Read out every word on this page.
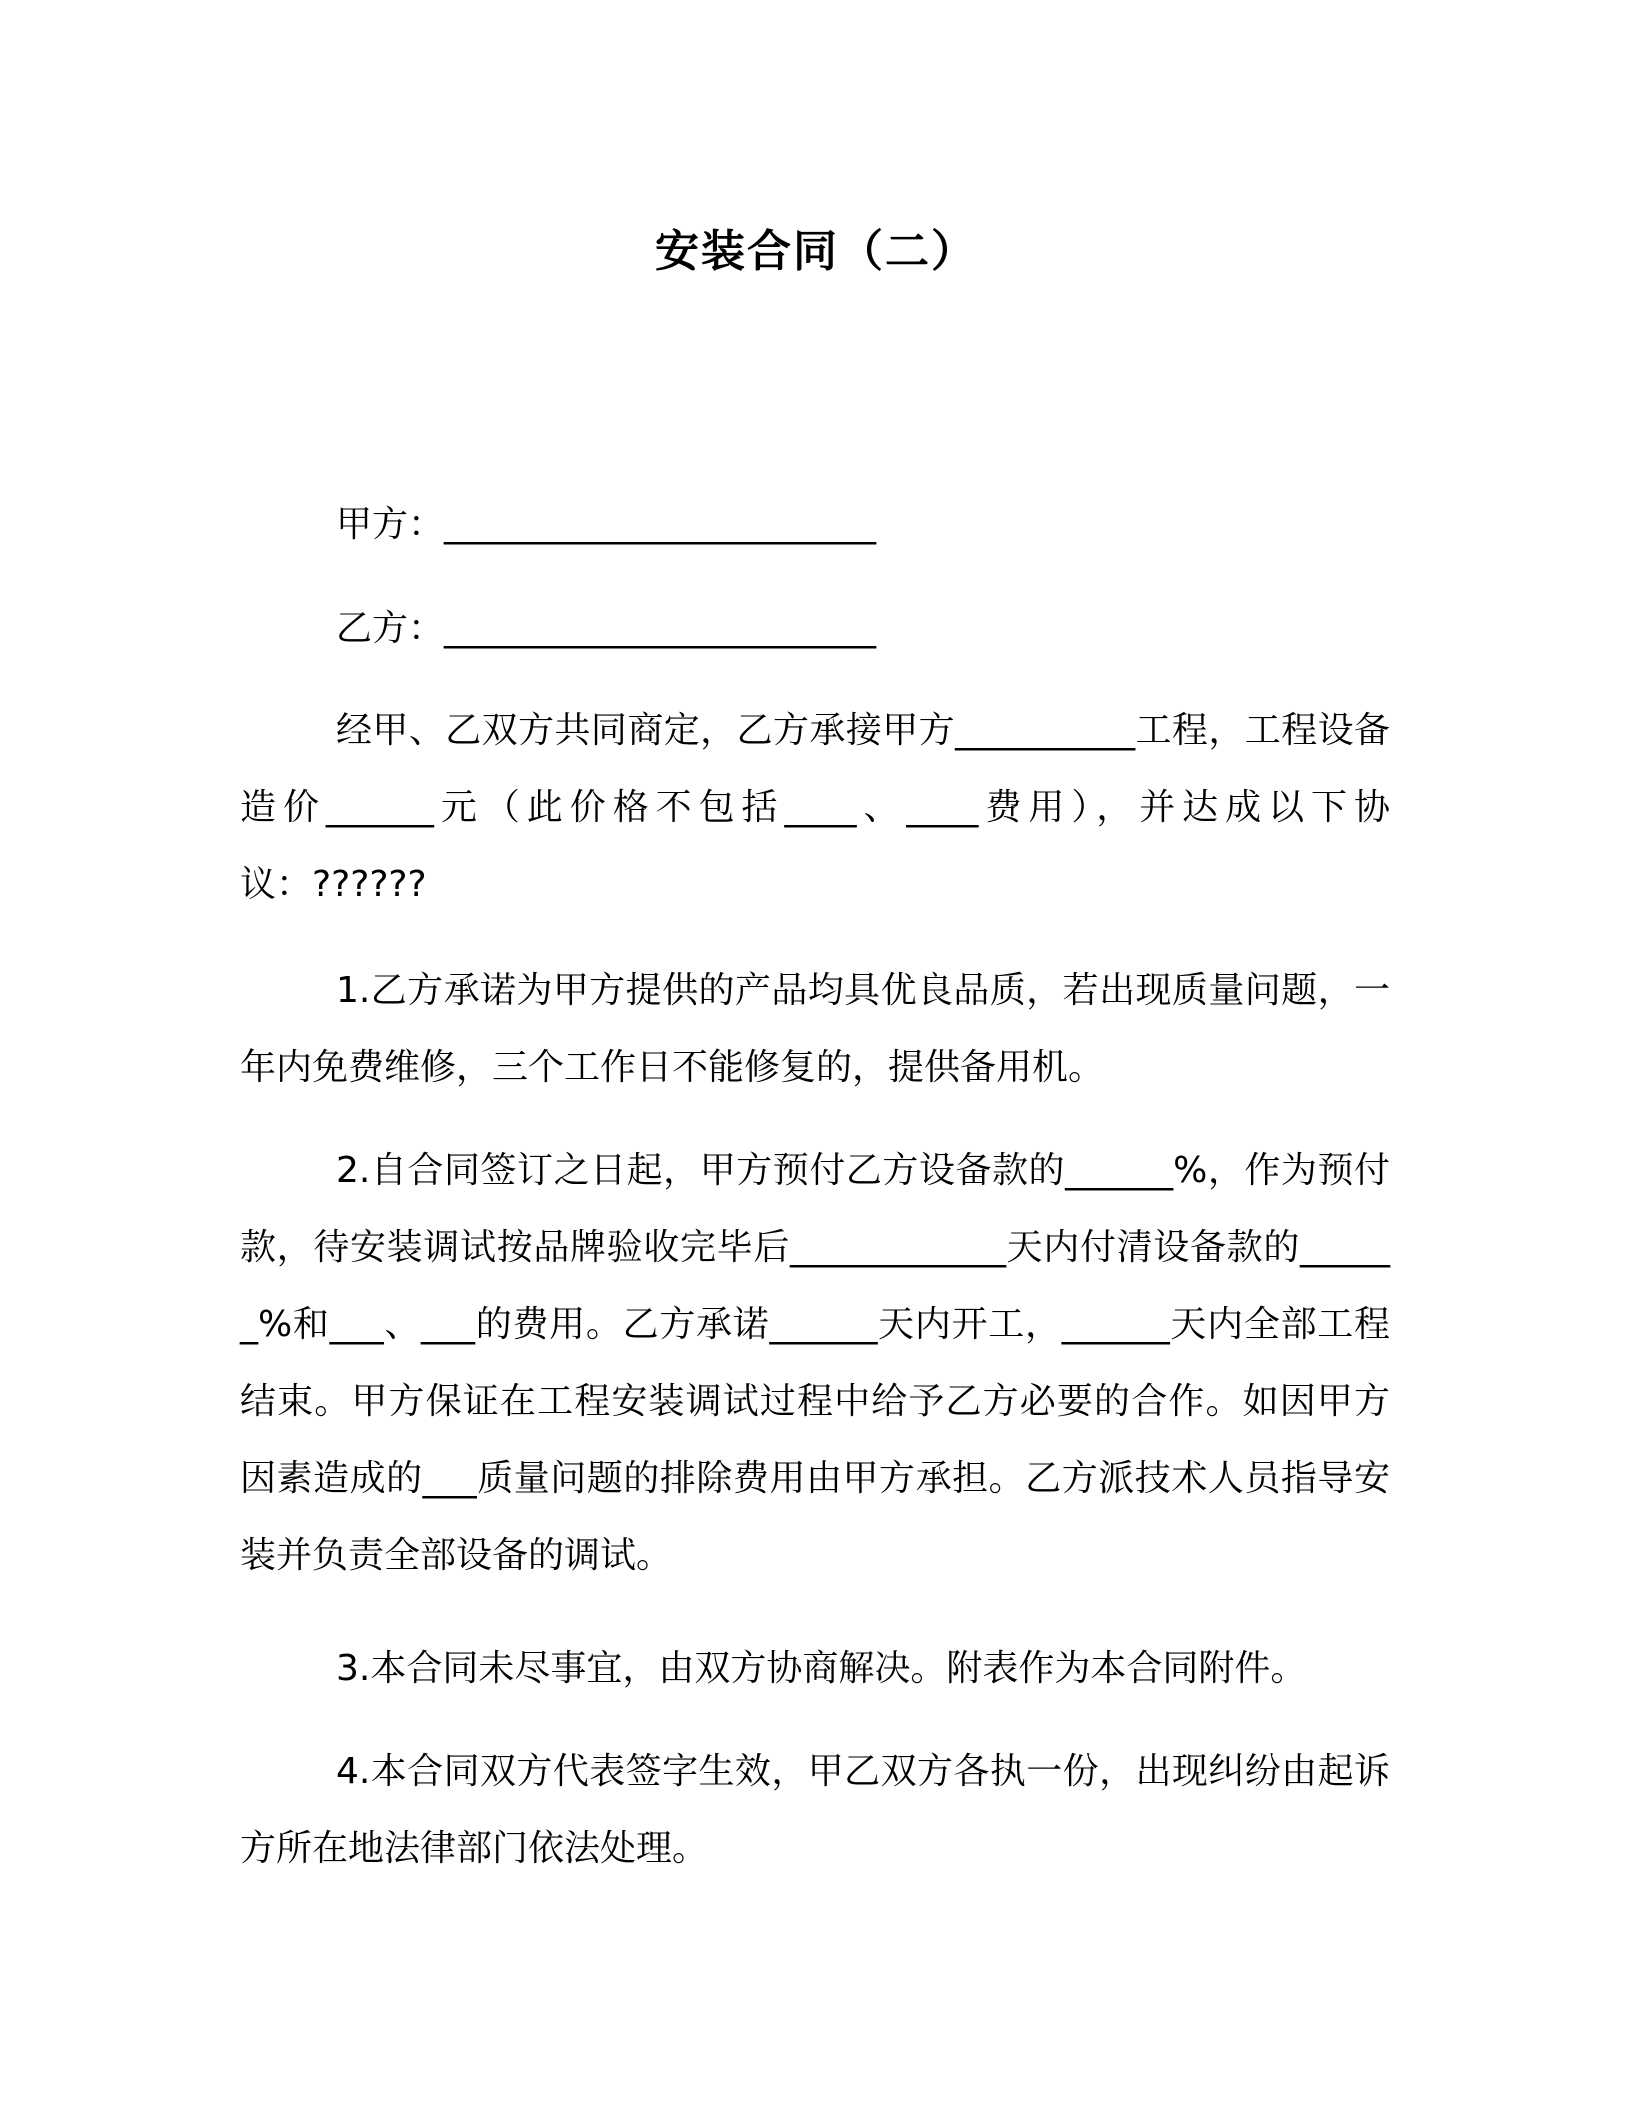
安装合同（二）

甲方：________________________

乙方：________________________

经甲、乙双方共同商定，乙方承接甲方__________工程，工程设备造价______元（此价格不包括____、____费用），并达成以下协议：??????

1.乙方承诺为甲方提供的产品均具优良品质，若出现质量问题，一年内免费维修，三个工作日不能修复的，提供备用机。

2.自合同签订之日起，甲方预付乙方设备款的______%，作为预付款，待安装调试按品牌验收完毕后____________天内付清设备款的______%和___、___的费用。乙方承诺______天内开工，______天内全部工程结束。甲方保证在工程安装调试过程中给予乙方必要的合作。如因甲方因素造成的___质量问题的排除费用由甲方承担。乙方派技术人员指导安装并负责全部设备的调试。

3.本合同未尽事宜，由双方协商解决。附表作为本合同附件。

4.本合同双方代表签字生效，甲乙双方各执一份，出现纠纷由起诉方所在地法律部门依法处理。
